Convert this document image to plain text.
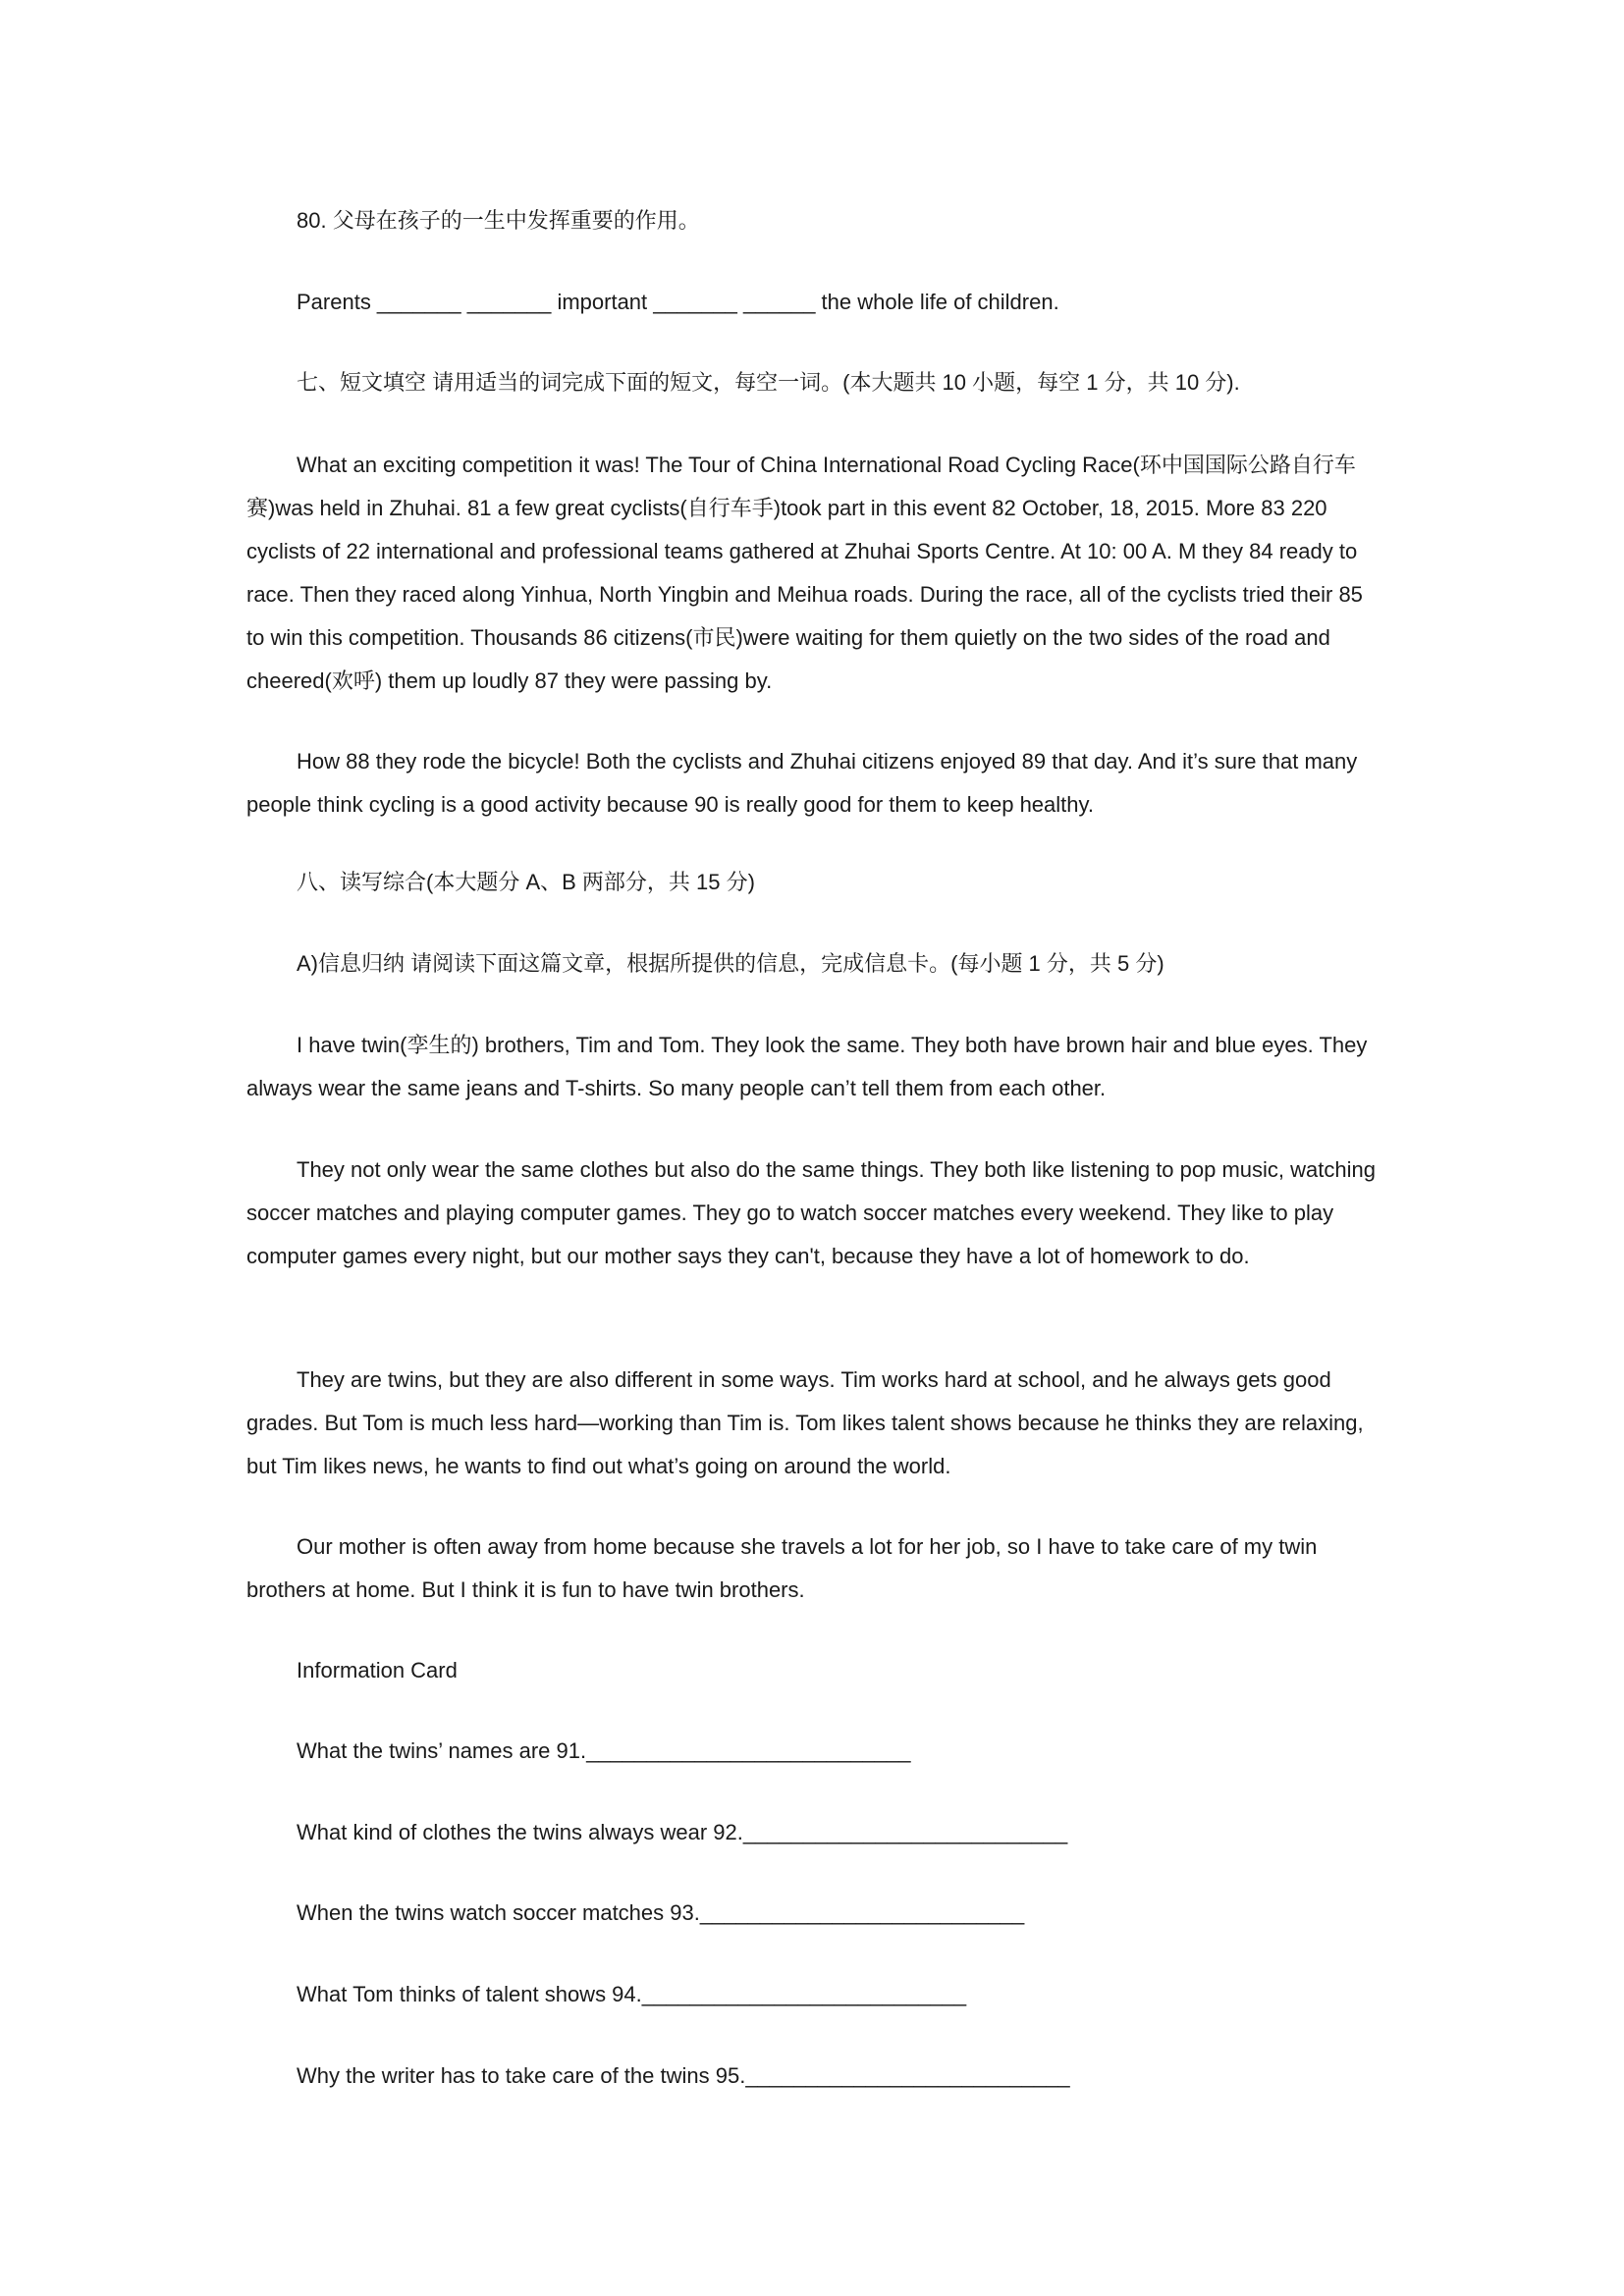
80. 父母在孩子的一生中发挥重要的作用。
Parents _______ _______ important _______ ______ the whole life of children.
七、短文填空 请用适当的词完成下面的短文，每空一词。(本大题共 10 小题，每空 1 分，共 10 分).
What an exciting competition it was! The Tour of China International Road Cycling Race(环中国国际公路自行车赛)was held in Zhuhai. 81 a few great cyclists(自行车手)took part in this event 82 October, 18, 2015. More 83 220 cyclists of 22 international and professional teams gathered at Zhuhai Sports Centre. At 10: 00 A. M they 84 ready to race. Then they raced along Yinhua, North Yingbin and Meihua roads. During the race, all of the cyclists tried their 85 to win this competition. Thousands 86 citizens(市民)were waiting for them quietly on the two sides of the road and cheered(欢呼) them up loudly 87 they were passing by.
How 88 they rode the bicycle! Both the cyclists and Zhuhai citizens enjoyed 89 that day. And it’s sure that many people think cycling is a good activity because 90 is really good for them to keep healthy.
八、读写综合(本大题分 A、B 两部分，共 15 分)
A)信息归纳 请阅读下面这篇文章，根据所提供的信息，完成信息卡。(每小题 1 分，共 5 分)
I have twin(孪生的) brothers, Tim and Tom. They look the same. They both have brown hair and blue eyes. They always wear the same jeans and T-shirts. So many people can’t tell them from each other.
They not only wear the same clothes but also do the same things. They both like listening to pop music, watching soccer matches and playing computer games. They go to watch soccer matches every weekend. They like to play computer games every night, but our mother says they can't, because they have a lot of homework to do.
They are twins, but they are also different in some ways. Tim works hard at school, and he always gets good grades. But Tom is much less hard—working than Tim is. Tom likes talent shows because he thinks they are relaxing, but Tim likes news, he wants to find out what’s going on around the world.
Our mother is often away from home because she travels a lot for her job, so I have to take care of my twin brothers at home. But I think it is fun to have twin brothers.
Information Card
What the twins’ names are 91.___________________________
What kind of clothes the twins always wear 92.___________________________
When the twins watch soccer matches 93.___________________________
What Tom thinks of talent shows 94.___________________________
Why the writer has to take care of the twins 95.___________________________
